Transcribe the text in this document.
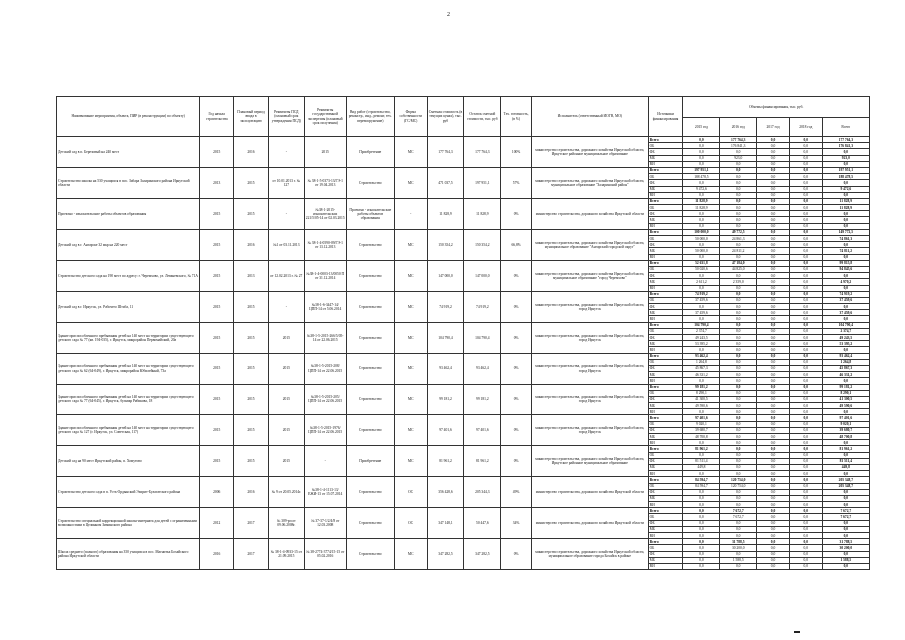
2
Наименование мероприятия, объекта, ПИР (в реконструкции) по объекту)	Год начала строительства	Плановый период ввода в эксплуатацию	Реквизиты ПСД (плановый срок утверждения ПСД)	Реквизиты государственной экспертизы (плановый срок получения)	Вид работ (строительство, реконстр., инд., ремонт, тех. перевооружение)	Форма собственности (ГС/МС)	Сметная стоимость (в текущих ценах), тыс. руб	Остаток сметной стоимости, тыс. руб	Тех. готовность, (в %)	Исполнитель (ответственный ИОГВ, МО)	Источники финансирования	Объемы финансирования, тыс. руб.				
												2015 год	2016 год	2017 год	2018 год	Всего
Детский сад в п. Березовый на 240 мест	2015	2016	-	2015	Приобретение	МС	177 764,3	177 764,3	100%	министерство строительства, дорожного хозяйства Иркутской области, Иркутское районное муниципальное образование	Всего	0,0	177 764,3	0,0	0,0	177 764,3
											ОБ	0,0	176 841,3	0,0	0,0	176 841,3
											ФБ	0,0	0,0	0,0	0,0	0,0
											МБ	0,0	923,0	0,0	0,0	923,0
											ВИ	0,0	0,0	0,0	0,0	0,0
Строительство школы на 530 учащихся в пос. Забара Заларинского района Иркутской области	2013	2015	от 10.01.2013 г. № 127	№ 38-1-5-0373-13/ГЭ-1 от 19.04.2013	Строительство	МС	471 037,5	197 951,1	57%	министерство строительства, дорожного хозяйства Иркутской области, муниципальное образование "Заларинский район"	Всего	197 951,1	0,0	0,0	0,0	197 951,1
											ОБ	188 478,5	0,0	0,0	0,0	188 478,5
											ФБ	0,0	0,0	0,0	0,0	0,0
											МБ	9 472,6	0,0	0,0	0,0	9 472,6
											ВИ	0,0	0,0	0,0	0,0	0,0
Проектно - изыскательские работы объектов образования	2015	2015	-	№38-1-2015-изыскательских 221/5/05-14 от 02.03.2015	Проектно - изыскательские работы объектов образования	-	11 828,9	11 828,9	0%	министерство строительства, дорожного хозяйства Иркутской области	Всего	11 828,9	0,0	0,0	0,0	11 828,9
											ОБ	11 828,9	0,0	0,0	0,0	11 828,9
											ФБ	0,0	0,0	0,0	0,0	0,0
											МБ	0,0	0,0	0,0	0,0	0,0
											ВИ	0,0	0,0	0,0	0,0	0,0
Детский сад в г. Ангарске 32 мкр на 220 мест	2015	2016	№1 от 03.11.2013	№ 38-1-4-0590-09/ГЭ-1 от 13.12.2013	Строительство	МС	150 354,2	150 354,2	66,8%	министерство строительства, дорожного хозяйства Иркутской области, муниципальное образование "Ангарский городской округ"	Всего	100 000,0	49 772,5	0,0	0,0	149 772,5
											ОБ	50 000,0	24 861,3	0,0	0,0	74 861,3
											ФБ	0,0	0,0	0,0	0,0	0,0
											МБ	50 000,0	24 811,2	0,0	0,0	74 811,2
											ВИ	0,0	0,0	0,0	0,0	0,0
Строительство детского сада на 190 мест по адресу: г. Черемхово, ул. Леваневского, № 71А	2015	2013	от 12.02.2013 г. № 27	№38-1-4-0003-13/0050 П от 31.12.2014	Строительство	МС	147 000,0	147 000,0	0%	министерство строительства, дорожного хозяйства Иркутской области, муниципальное образование "город Черемхово"	Всего	52 631,8	47 184,0	0,0	0,0	99 815,8
											ОБ	50 020,6	44 825,0	0,0	0,0	94 845,6
											ФБ	0,0	0,0	0,0	0,0	0,0
											МБ	2 611,2	2 359,0	0,0	0,0	4 970,2
											ВИ	0,0	0,0	0,0	0,0	0,0
Детский сад в г. Иркутск, ул. Рабочего Штаба, 11	2015	2015	-	№38-1-6-3447-14/ЦПП-14 от 5.06.2014	Строительство	МС	74 919,2	74 919,2	0%	министерство строительства, дорожного хозяйства Иркутской области, город Иркутск	Всего	74 919,2	0,0	0,0	0,0	74 919,2
											ОБ	37 459,6	0,0	0,0	0,0	37 459,6
											ФБ	0,0	0,0	0,0	0,0	0,0
											МБ	37 459,6	0,0	0,0	0,0	37 459,6
											ВИ	0,0	0,0	0,0	0,0	0,0
Здание приспособленного пребывания детей на 140 мест на территории существующего детского сада № 77 (кв. 194-035), г. Иркутск, микрорайон Первомайский, 20а	2015	2015	2015	№38-1-5-2015-266/5/05-14 от 22.06.2015	Строительство	МС	104 790,4	104 790,4	0%	министерство строительства, дорожного хозяйства Иркутской области, город Иркутск	Всего	104 790,4	0,0	0,0	0,0	104 790,4
											ОБ	2 374,7	0,0	0,0	0,0	2 374,7
											ФБ	49 243,5	0,0	0,0	0,0	49 243,5
											МБ	53 395,2	0,0	0,0	0,0	53 395,2
											ВИ	0,0	0,0	0,0	0,0	0,0
Здание приспособленного пребывания детей на 140 мест на территории существующего детского сада № 62 (64-049), г. Иркутск, микрорайон Юбилейный, 73а	2015	2015	2015	№38-1-5-2015-208/ЦПП-14 от 22.06.2015	Строительство	МС	93 462,4	93 462,4	0%	министерство строительства, дорожного хозяйства Иркутской области, город Иркутск	Всего	93 462,4	0,0	0,0	0,0	93 462,4
											ОБ	1 264,8	0,0	0,0	0,0	1 264,8
											ФБ	45 867,3	0,0	0,0	0,0	45 867,3
											МБ	46 331,2	0,0	0,0	0,0	46 331,2
											ВИ	0,0	0,0	0,0	0,0	0,0
Здание приспособленного пребывания детей на 140 мест на территории существующего детского сада № 77 (64-045), г. Иркутск, бульвар Рябикова, 18	2015	2015	2015	№38-1-5-2015-205/ЦПП-14 от 22.06.2015	Строительство	МС	99 181,2	99 181,2	0%	министерство строительства, дорожного хозяйства Иркутской области, город Иркутск	Всего	99 181,2	0,0	0,0	0,0	99 181,2
											ОБ	8 290,1	0,0	0,0	0,0	8 290,1
											ФБ	41 300,5	0,0	0,0	0,0	41 300,5
											МБ	49 590,6	0,0	0,0	0,0	49 590,6
											ВИ	0,0	0,0	0,0	0,0	0,0
Здание приспособленного пребывания детей на 140 мест на территории существующего детского сада № 127 (г. Иркутск, ул. Советская, 117)	2015	2015	2015	№38-1-5-2015-1976/ЦПП-14 от 22.06.2015	Строительство	МС	97 401,6	97 401,6	0%	министерство строительства, дорожного хозяйства Иркутской области, город Иркутск	Всего	97 401,6	0,0	0,0	0,0	97 401,6
											ОБ	9 020,1	0,0	0,0	0,0	9 020,1
											ФБ	39 680,7	0,0	0,0	0,0	39 680,7
											МБ	48 700,8	0,0	0,0	0,0	48 700,8
											ВИ	0,0	0,0	0,0	0,0	0,0
Детский сад на 90 мест Иркутский район, п. Хомутово	2015	2015	2015	-	Приобретение	МС	81 961,2	81 961,2	0%	министерство строительства, дорожного хозяйства Иркутской области, Иркутское районное муниципальное образование	Всего	81 961,2	0,0	0,0	0,0	81 961,2
											ОБ	0,0	0,0	0,0	0,0	0,0
											ФБ	81 511,4	0,0	0,0	0,0	81 511,4
											МБ	449,8	0,0	0,0	0,0	449,8
											ВИ	0,0	0,0	0,0	0,0	0,0
Строительство детского сада в п. Усть-Ордынский Эхирит-Булагатского района	2006	2016	№ 9 от 20.05.2014г.	№38-1-4-1113-13/ЕЖИ-13 от 15.07.2014	Строительство	ОС	356 428,6	205 344,3	49%	министерство строительства, дорожного хозяйства Иркутской области	Всего	84 594,7	120 754,0	0,0	0,0	205 348,7
											ОБ	84 594,7	120 754,0	0,0	0,0	205 348,7
											ФБ	0,0	0,0	0,0	0,0	0,0
											МБ	0,0	0,0	0,0	0,0	0,0
											ВИ	0,0	0,0	0,0	0,0	0,0
Строительство специальной коррекционной школы-интерната для детей с ограниченными возможностями в Целинном Зиминского района	2012	2017	№ 309-рп от 09.06.2008г.	№ 37-37-1/2/4/8 от 12.03.2008	Строительство	ОС	347 148,1	50 447,6	34%	министерство строительства, дорожного хозяйства Иркутской области	Всего	0,0	7 672,7	0,0	0,0	7 672,7
											ОБ	0,0	7 672,7	0,0	0,0	7 672,7
											ФБ	0,0	0,0	0,0	0,0	0,0
											МБ	0,0	0,0	0,0	0,0	0,0
											ВИ	0,0	0,0	0,0	0,0	0,0
Школа среднего (полного) образования на 350 учащихся в пос. Магнитка Бохайского района Иркутской области	2016	2017	№ 38-1-4-0933-15 от 21.09.2015	№ 38-2774-3774/15-15 от 05.02.2016	Строительство	МС	347 282,5	347 282,5	0%	министерство строительства, дорожного хозяйства Иркутской области, муниципальное образование города Бохайск в районе	Всего	0,0	31 788,5	0,0	0,0	31 788,5
											ОБ	0,0	30 200,0	0,0	0,0	30 200,0
											ФБ	0,0	0,0	0,0	0,0	0,0
											МБ	0,0	1 588,5	0,0	0,0	1 588,5
											ВИ	0,0	0,0	0,0	0,0	0,0
